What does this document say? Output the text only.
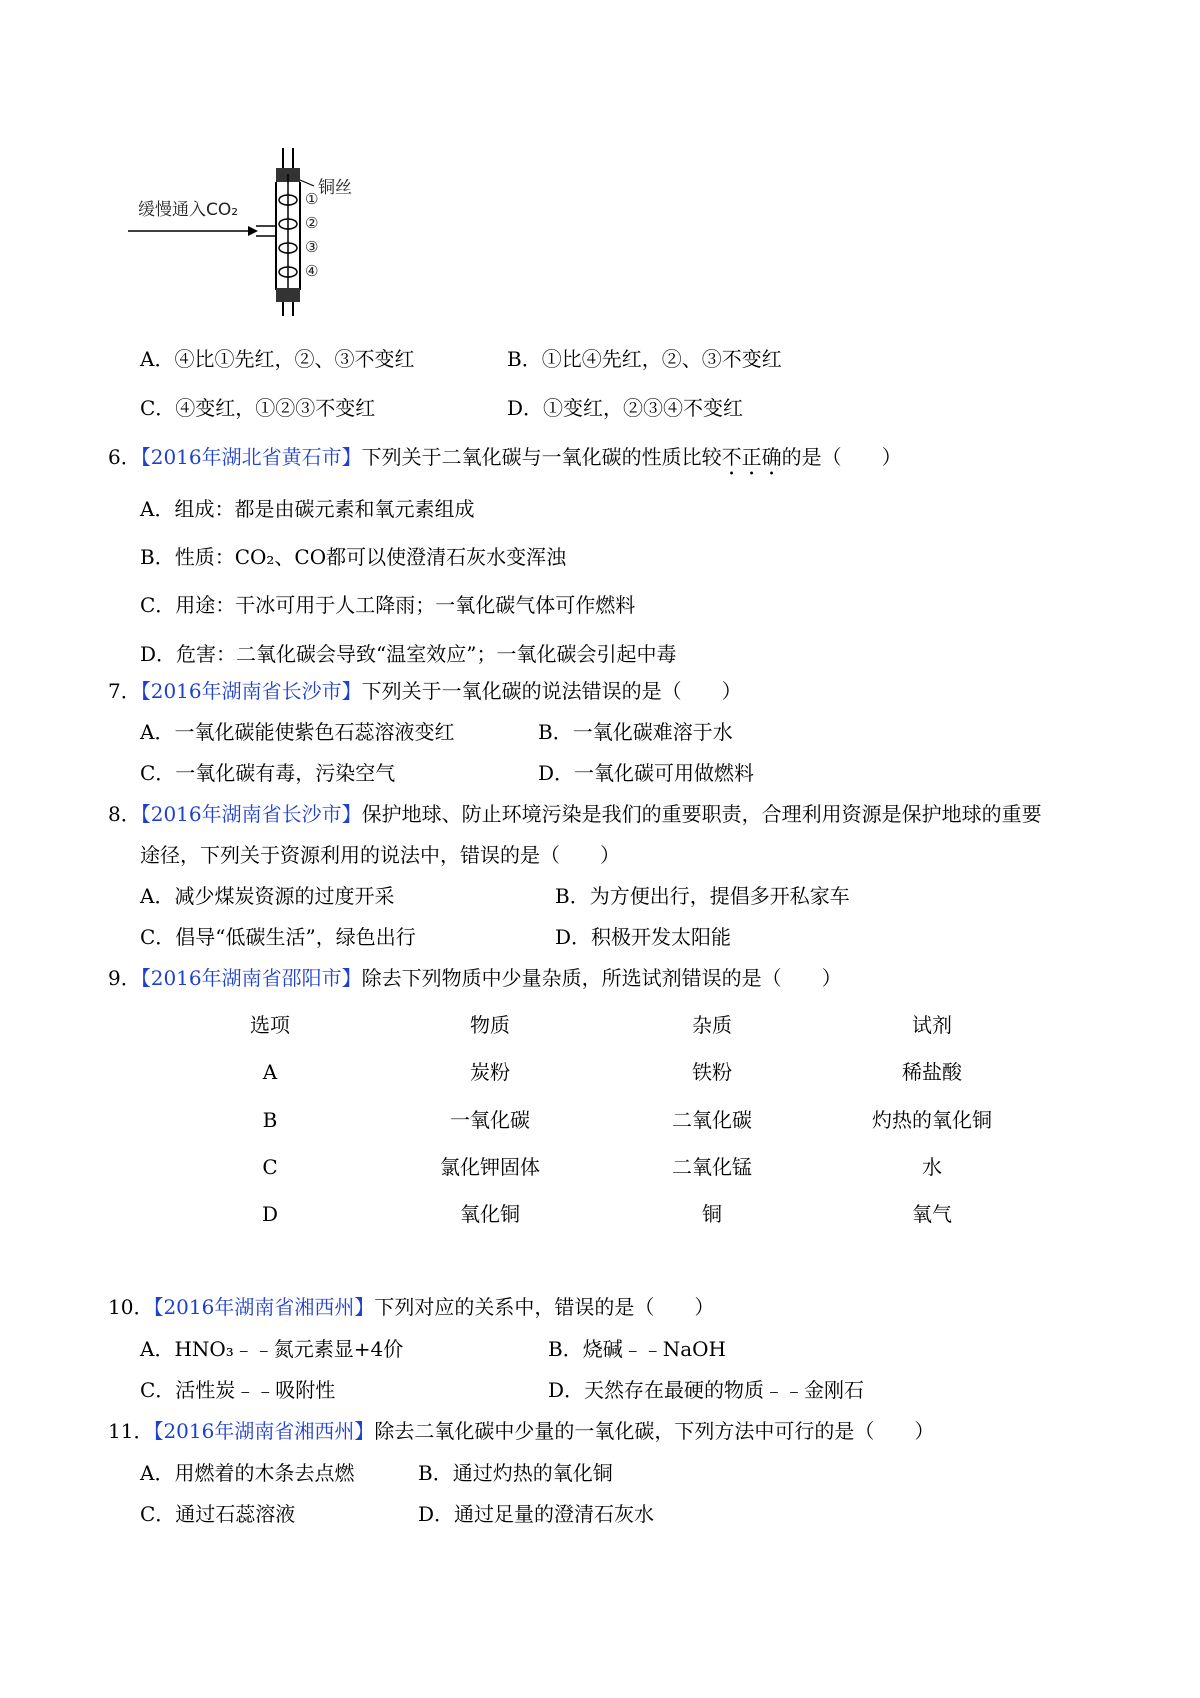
缓慢通入CO₂
铜丝
①
②
③
④
A．④比①先红，②、③不变红	B．①比④先红，②、③不变红
C．④变红，①②③不变红	D．①变红，②③④不变红
6．【2016年湖北省黄石市】下列关于二氧化碳与一氧化碳的性质比较不正确的是（　　）
A．组成：都是由碳元素和氧元素组成
B．性质：CO₂、CO都可以使澄清石灰水变浑浊
C．用途：干冰可用于人工降雨；一氧化碳气体可作燃料
D．危害：二氧化碳会导致“温室效应”；一氧化碳会引起中毒
7．【2016年湖南省长沙市】下列关于一氧化碳的说法错误的是（　　）
A．一氧化碳能使紫色石蕊溶液变红	B．一氧化碳难溶于水
C．一氧化碳有毒，污染空气	D．一氧化碳可用做燃料
8．【2016年湖南省长沙市】保护地球、防止环境污染是我们的重要职责，合理利用资源是保护地球的重要
途径，下列关于资源利用的说法中，错误的是（　　）
A．减少煤炭资源的过度开采	B．为方便出行，提倡多开私家车
C．倡导“低碳生活”，绿色出行	D．积极开发太阳能
9．【2016年湖南省邵阳市】除去下列物质中少量杂质，所选试剂错误的是（　　）
选项	物质	杂质	试剂
A	炭粉	铁粉	稀盐酸
B	一氧化碳	二氧化碳	灼热的氧化铜
C	氯化钾固体	二氧化锰	水
D	氧化铜	铜	氧气
10．【2016年湖南省湘西州】下列对应的关系中，错误的是（　　）
A．HNO₃﹣﹣氮元素显+4价	B．烧碱﹣﹣NaOH
C．活性炭﹣﹣吸附性	D．天然存在最硬的物质﹣﹣金刚石
11．【2016年湖南省湘西州】除去二氧化碳中少量的一氧化碳，下列方法中可行的是（　　）
A．用燃着的木条去点燃	B．通过灼热的氧化铜
C．通过石蕊溶液	D．通过足量的澄清石灰水
